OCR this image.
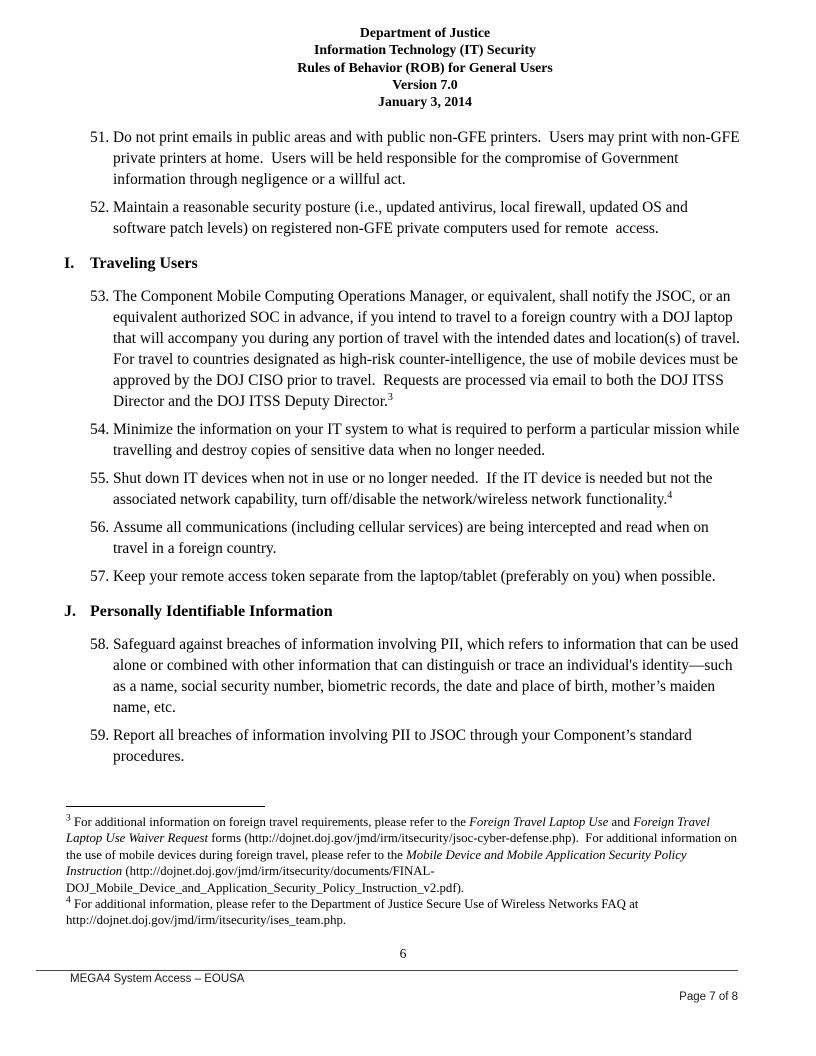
Department of Justice
Information Technology (IT) Security
Rules of Behavior (ROB) for General Users
Version 7.0
January 3, 2014
51. Do not print emails in public areas and with public non-GFE printers.  Users may print with non-GFE private printers at home.  Users will be held responsible for the compromise of Government information through negligence or a willful act.
52. Maintain a reasonable security posture (i.e., updated antivirus, local firewall, updated OS and software patch levels) on registered non-GFE private computers used for remote  access.
I. Traveling Users
53. The Component Mobile Computing Operations Manager, or equivalent, shall notify the JSOC, or an equivalent authorized SOC in advance, if you intend to travel to a foreign country with a DOJ laptop that will accompany you during any portion of travel with the intended dates and location(s) of travel.  For travel to countries designated as high-risk counter-intelligence, the use of mobile devices must be approved by the DOJ CISO prior to travel.  Requests are processed via email to both the DOJ ITSS Director and the DOJ ITSS Deputy Director.$^3$
54. Minimize the information on your IT system to what is required to perform a particular mission while travelling and destroy copies of sensitive data when no longer needed.
55. Shut down IT devices when not in use or no longer needed.  If the IT device is needed but not the associated network capability, turn off/disable the network/wireless network functionality.$^4$
56. Assume all communications (including cellular services) are being intercepted and read when on travel in a foreign country.
57. Keep your remote access token separate from the laptop/tablet (preferably on you) when possible.
J. Personally Identifiable Information
58. Safeguard against breaches of information involving PII, which refers to information that can be used alone or combined with other information that can distinguish or trace an individual's identity—such as a name, social security number, biometric records, the date and place of birth, mother’s maiden name, etc.
59. Report all breaches of information involving PII to JSOC through your Component’s standard procedures.
$^3$ For additional information on foreign travel requirements, please refer to the Foreign Travel Laptop Use and Foreign Travel Laptop Use Waiver Request forms (http://dojnet.doj.gov/jmd/irm/itsecurity/jsoc-cyber-defense.php).  For additional information on the use of mobile devices during foreign travel, please refer to the Mobile Device and Mobile Application Security Policy Instruction (http://dojnet.doj.gov/jmd/irm/itsecurity/documents/FINAL-DOJ_Mobile_Device_and_Application_Security_Policy_Instruction_v2.pdf).
$^4$ For additional information, please refer to the Department of Justice Secure Use of Wireless Networks FAQ at http://dojnet.doj.gov/jmd/irm/itsecurity/ises_team.php.
6
MEGA4 System Access – EOUSA
Page 7 of 8
